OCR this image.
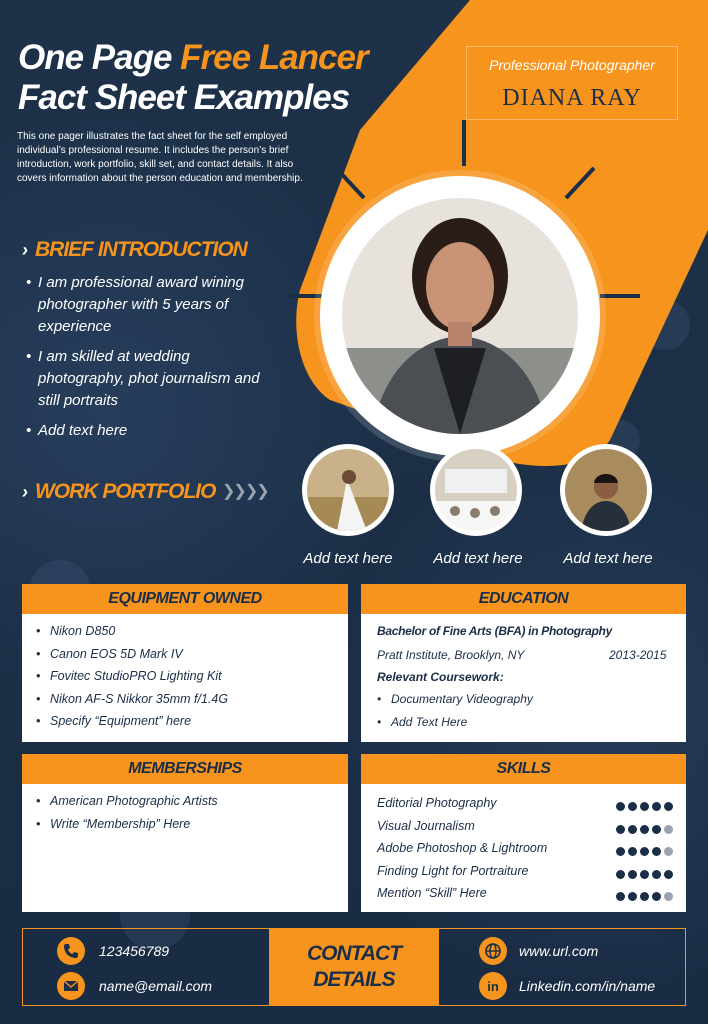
One Page Free Lancer
Fact Sheet Examples
This one pager illustrates the fact sheet for the self employed individual’s professional resume. It includes the person’s brief introduction, work portfolio, skill set, and contact details. It also covers information about the person education and membership.
Professional Photographer
DIANA RAY
› BRIEF INTRODUCTION
• I am professional award wining photographer with 5 years of experience
• I am skilled at wedding photography, phot journalism and still portraits
• Add text here
› WORK PORTFOLIO ❯❯❯❯
Add text here	Add text here	Add text here
EQUIPMENT OWNED
• Nikon D850
• Canon EOS 5D Mark IV
• Fovitec StudioPRO Lighting Kit
• Nikon AF-S Nikkor 35mm f/1.4G
• Specify “Equipment” here
EDUCATION
Bachelor of Fine Arts (BFA) in Photography
Pratt Institute, Brooklyn, NY	2013-2015
Relevant Coursework:
• Documentary Videography
• Add Text Here
MEMBERSHIPS
• American Photographic Artists
• Write “Membership” Here
SKILLS
Editorial Photography
Visual Journalism
Adobe Photoshop & Lightroom
Finding Light for Portraiture
Mention “Skill” Here
123456789
name@email.com
CONTACT
DETAILS
www.url.com
in Linkedin.com/in/name
